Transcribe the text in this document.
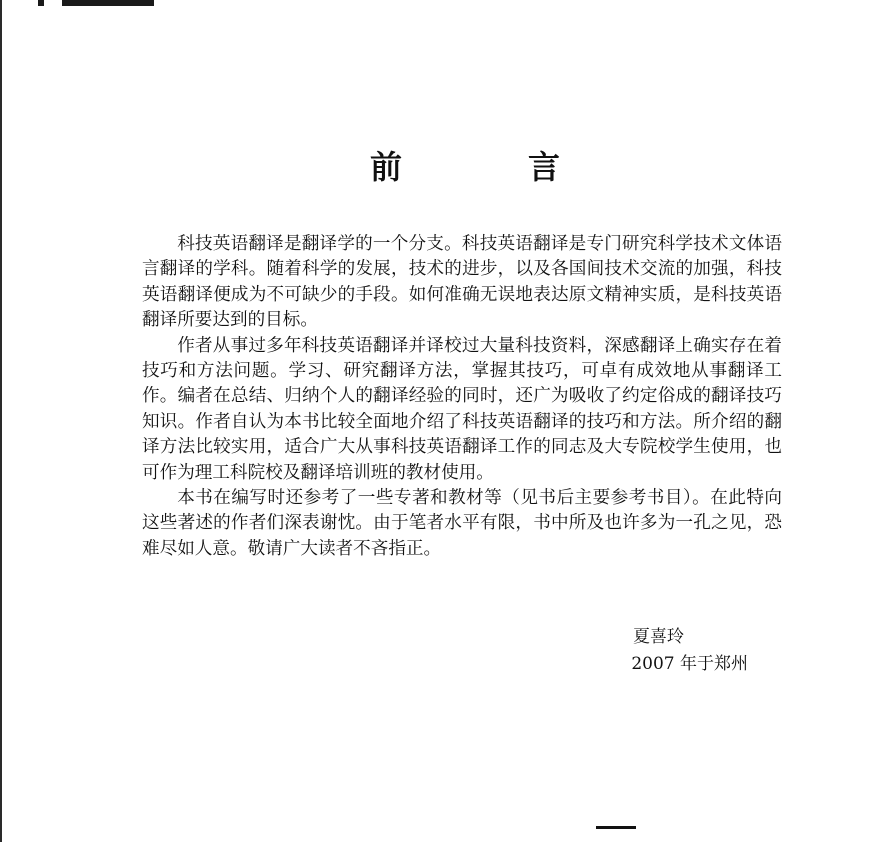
前	言

科技英语翻译是翻译学的一个分支。科技英语翻译是专门研究科学技术文体语言翻译的学科。随着科学的发展，技术的进步，以及各国间技术交流的加强，科技英语翻译便成为不可缺少的手段。如何准确无误地表达原文精神实质，是科技英语翻译所要达到的目标。

作者从事过多年科技英语翻译并译校过大量科技资料，深感翻译上确实存在着技巧和方法问题。学习、研究翻译方法，掌握其技巧，可卓有成效地从事翻译工作。编者在总结、归纳个人的翻译经验的同时，还广为吸收了约定俗成的翻译技巧知识。作者自认为本书比较全面地介绍了科技英语翻译的技巧和方法。所介绍的翻译方法比较实用，适合广大从事科技英语翻译工作的同志及大专院校学生使用，也可作为理工科院校及翻译培训班的教材使用。

本书在编写时还参考了一些专著和教材等（见书后主要参考书目）。在此特向这些著述的作者们深表谢忱。由于笔者水平有限，书中所及也许多为一孔之见，恐难尽如人意。敬请广大读者不吝指正。

夏喜玲
2007 年于郑州
